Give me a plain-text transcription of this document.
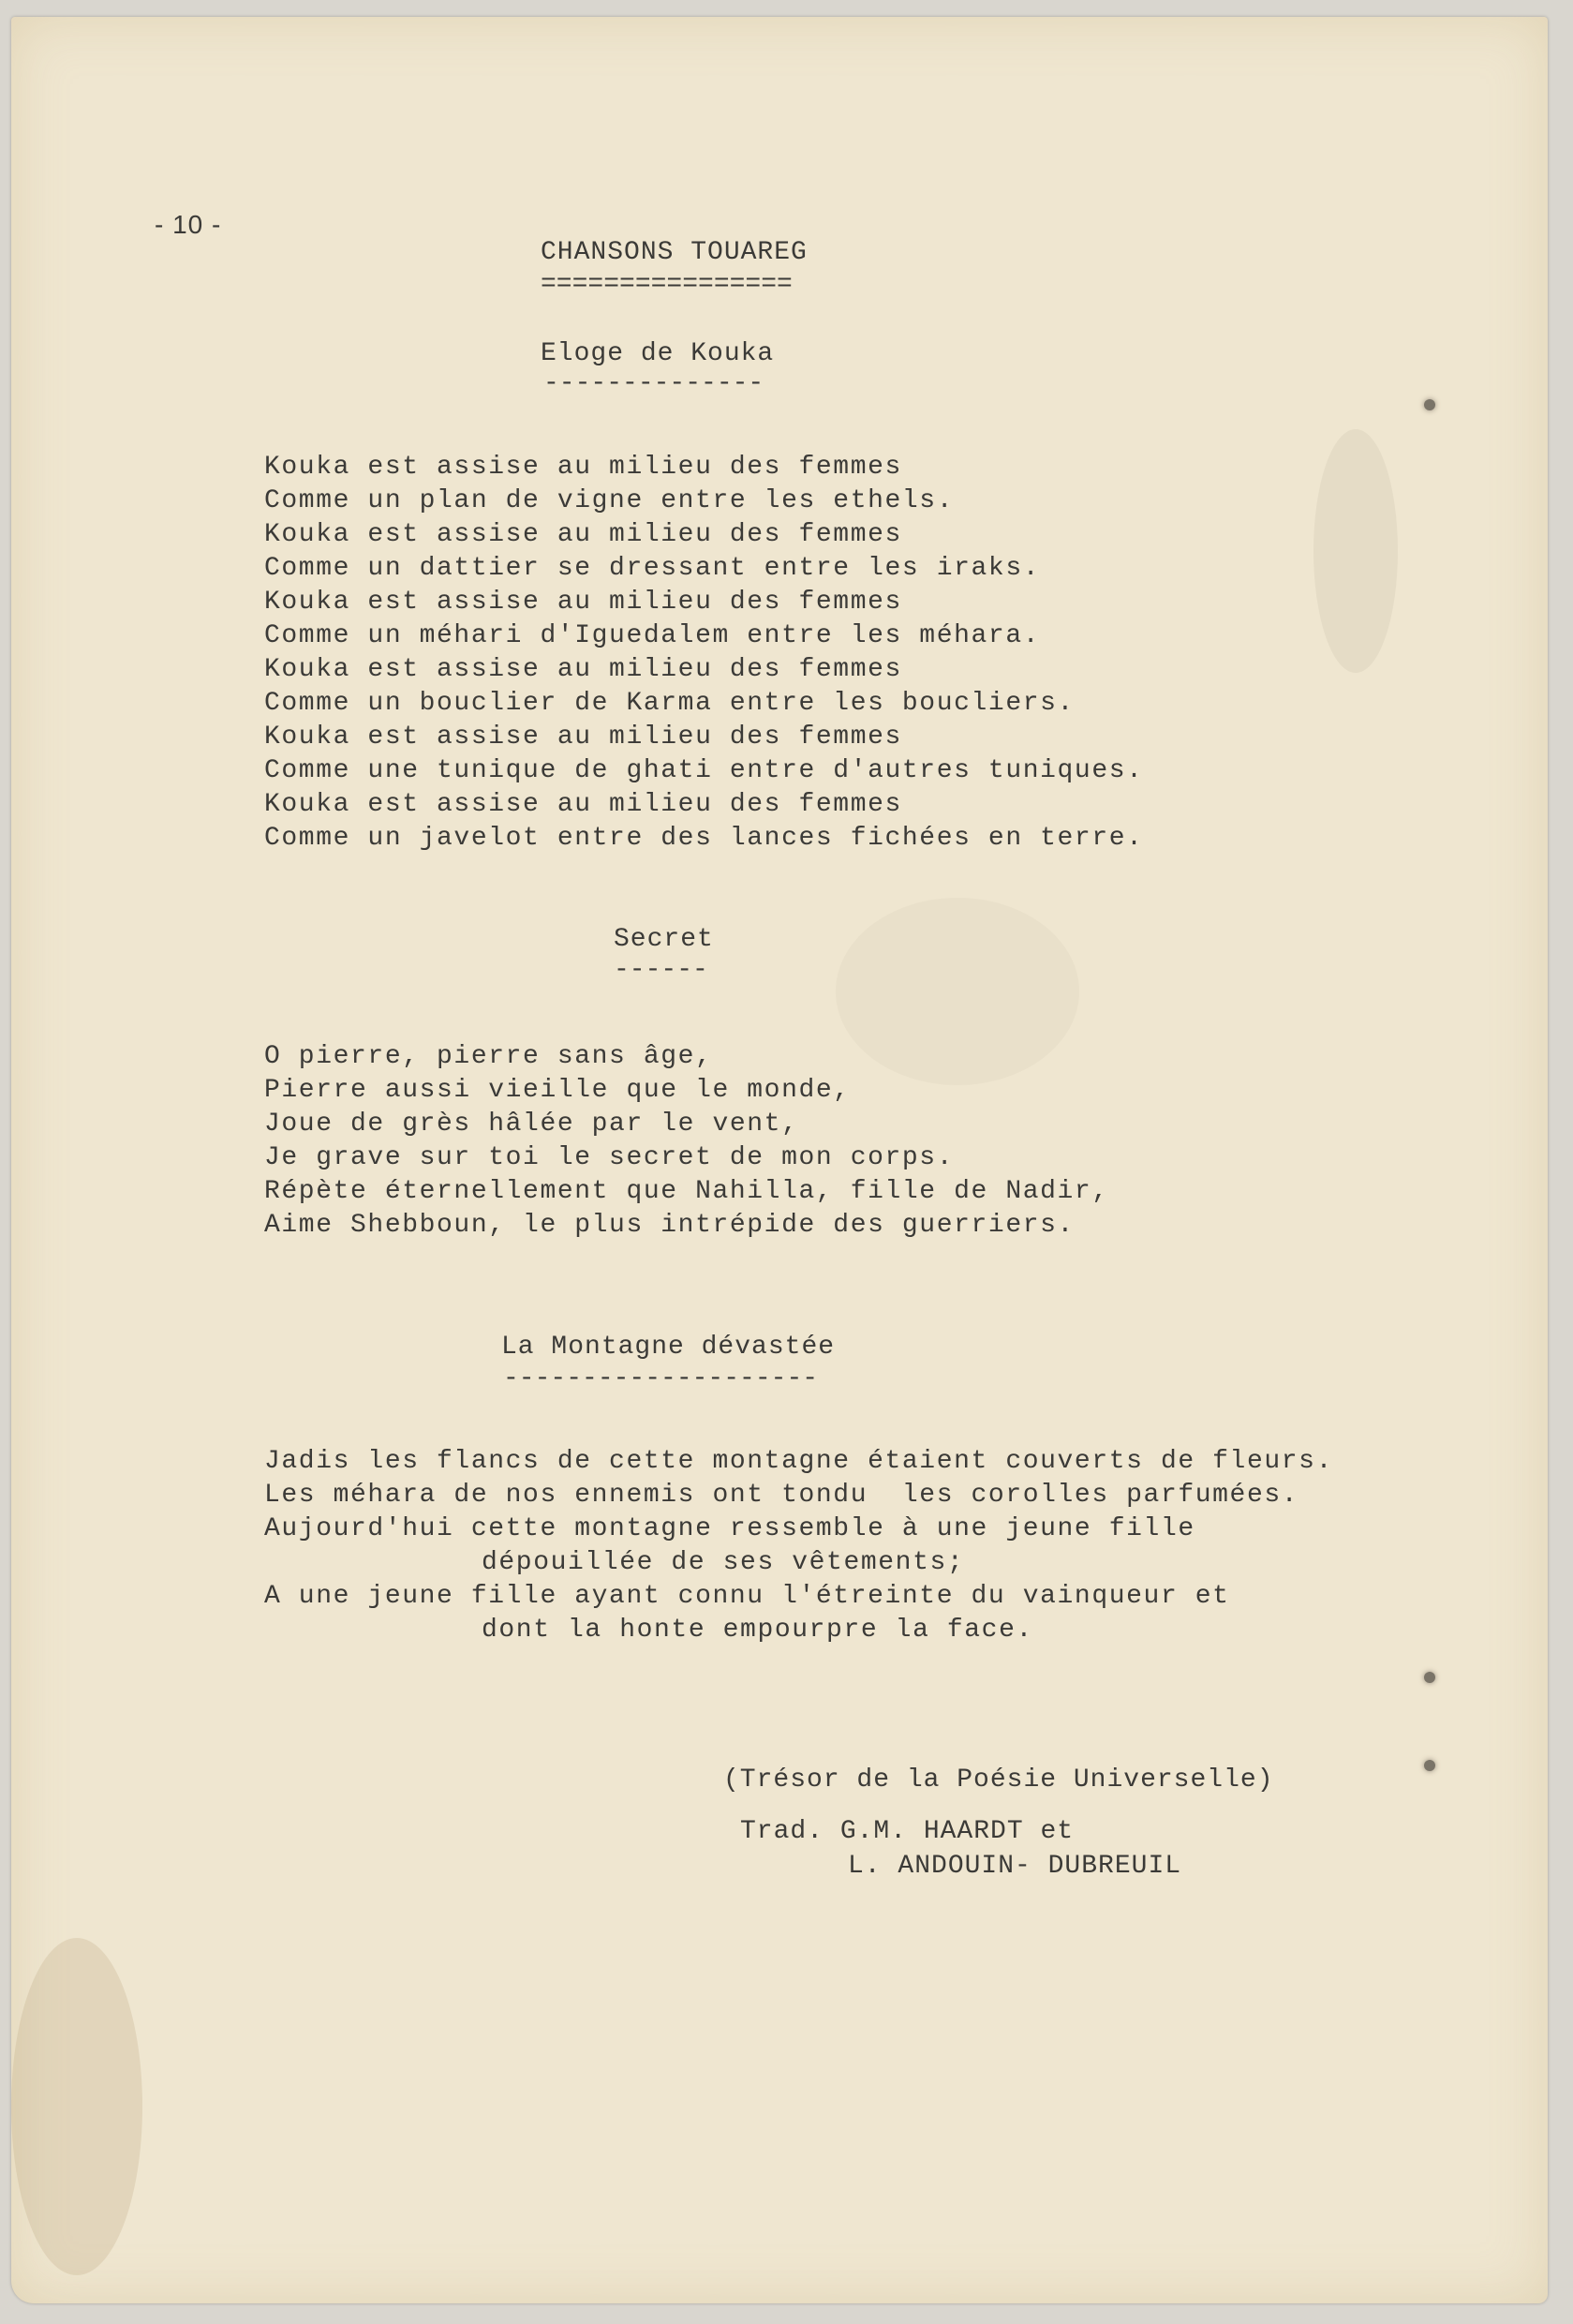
- 10 -
CHANSONS TOUAREG
================
Eloge de Kouka
--------------
Kouka est assise au milieu des femmes
Comme un plan de vigne entre les ethels.
Kouka est assise au milieu des femmes
Comme un dattier se dressant entre les iraks.
Kouka est assise au milieu des femmes
Comme un méhari d'Iguedalem entre les méhara.
Kouka est assise au milieu des femmes
Comme un bouclier de Karma entre les boucliers.
Kouka est assise au milieu des femmes
Comme une tunique de ghati entre d'autres tuniques.
Kouka est assise au milieu des femmes
Comme un javelot entre des lances fichées en terre.
Secret
------
O pierre, pierre sans âge,
Pierre aussi vieille que le monde,
Joue de grès hâlée par le vent,
Je grave sur toi le secret de mon corps.
Répète éternellement que Nahilla, fille de Nadir,
Aime Shebboun, le plus intrépide des guerriers.
La Montagne dévastée
--------------------
Jadis les flancs de cette montagne étaient couverts de fleurs.
Les méhara de nos ennemis ont tondu  les corolles parfumées.
Aujourd'hui cette montagne ressemble à une jeune fille
dépouillée de ses vêtements;
A une jeune fille ayant connu l'étreinte du vainqueur et
dont la honte empourpre la face.
(Trésor de la Poésie Universelle)
Trad. G.M. HAARDT et
L. ANDOUIN- DUBREUIL
